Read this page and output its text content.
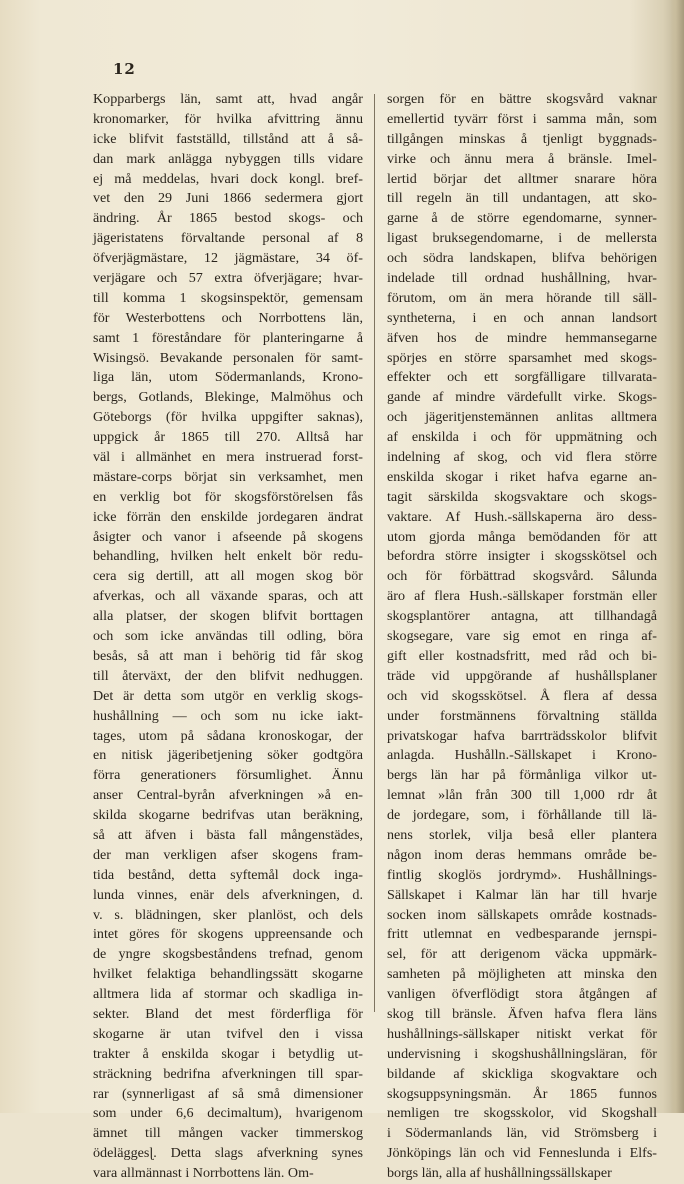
12
Kopparbergs län, samt att, hvad angår
kronomarker, för hvilka afvittring ännu
icke blifvit fastställd, tillstånd att å så-
dan mark anlägga nybyggen tills vidare
ej må meddelas, hvari dock kongl. bref-
vet den 29 Juni 1866 sedermera gjort
ändring. År 1865 bestod skogs- och
jägeristatens förvaltande personal af 8
öfverjägmästare, 12 jägmästare, 34 öf-
verjägare och 57 extra öfverjägare; hvar-
till komma 1 skogsinspektör, gemensam
för Westerbottens och Norrbottens län,
samt 1 föreståndare för planteringarne å
Wisingsö. Bevakande personalen för samt-
liga län, utom Södermanlands, Krono-
bergs, Gotlands, Blekinge, Malmöhus och
Göteborgs (för hvilka uppgifter saknas),
uppgick år 1865 till 270. Alltså har
väl i allmänhet en mera instruerad forst-
mästare-corps börjat sin verksamhet, men
en verklig bot för skogsförstörelsen fås
icke förrän den enskilde jordegaren ändrat
åsigter och vanor i afseende på skogens
behandling, hvilken helt enkelt bör redu-
cera sig dertill, att all mogen skog bör
afverkas, och all växande sparas, och att
alla platser, der skogen blifvit borttagen
och som icke användas till odling, böra
besås, så att man i behörig tid får skog
till återväxt, der den blifvit nedhuggen.
Det är detta som utgör en verklig skogs-
hushållning — och som nu icke iakt-
tages, utom på sådana kronoskogar, der
en nitisk jägeribetjening söker godtgöra
förra generationers försumlighet. Ännu
anser Central-byrån afverkningen »å en-
skilda skogarne bedrifvas utan beräkning,
så att äfven i bästa fall mångenstädes,
der man verkligen afser skogens fram-
tida bestånd, detta syftemål dock inga-
lunda vinnes, enär dels afverkningen, d.
v. s. blädningen, sker planlöst, och dels
intet göres för skogens uppreensande och
de yngre skogsbeståndens trefnad, genom
hvilket felaktiga behandlingssätt skogarne
alltmera lida af stormar och skadliga in-
sekter. Bland det mest förderfliga för
skogarne är utan tvifvel den i vissa
trakter å enskilda skogar i betydlig ut-
sträckning bedrifna afverkningen till spar-
rar (synnerligast af så små dimensioner
som under 6,6 decimaltum), hvarigenom
ämnet till mången vacker timmerskog
ödeläggesɭ. Detta slags afverkning synes
vara allmännast i Norrbottens län. Om-
sorgen för en bättre skogsvård vaknar
emellertid tyvärr först i samma mån, som
tillgången minskas å tjenligt byggnads-
virke och ännu mera å bränsle. Imel-
lertid börjar det alltmer snarare höra
till regeln än till undantagen, att sko-
garne å de större egendomarne, synner-
ligast bruksegendomarne, i de mellersta
och södra landskapen, blifva behörigen
indelade till ordnad hushållning, hvar-
förutom, om än mera hörande till säll-
syntheterna, i en och annan landsort
äfven hos de mindre hemmansegarne
spörjes en större sparsamhet med skogs-
effekter och ett sorgfälligare tillvarata-
gande af mindre värdefullt virke. Skogs-
och jägeritjenstemännen anlitas alltmera
af enskilda i och för uppmätning och
indelning af skog, och vid flera större
enskilda skogar i riket hafva egarne an-
tagit särskilda skogsvaktare och skogs-
vaktare. Af Hush.-sällskaperna äro dess-
utom gjorda många bemödanden för att
befordra större insigter i skogsskötsel och
och för förbättrad skogsvård. Sålunda
äro af flera Hush.-sällskaper forstmän eller
skogsplantörer antagna, att tillhandagå
skogsegare, vare sig emot en ringa af-
gift eller kostnadsfritt, med råd och bi-
träde vid uppgörande af hushållsplaner
och vid skogsskötsel. Å flera af dessa
under forstmännens förvaltning ställda
privatskogar hafva barrträdsskolor blifvit
anlagda. Hushålln.-Sällskapet i Krono-
bergs län har på förmånliga vilkor ut-
lemnat »lån från 300 till 1,000 rdr åt
de jordegare, som, i förhållande till lä-
nens storlek, vilja beså eller plantera
någon inom deras hemmans område be-
fintlig skoglös jordrymd». Hushållnings-
Sällskapet i Kalmar län har till hvarje
socken inom sällskapets område kostnads-
fritt utlemnat en vedbesparande jernspi-
sel, för att derigenom väcka uppmärk-
samheten på möjligheten att minska den
vanligen öfverflödigt stora åtgången af
skog till bränsle. Äfven hafva flera läns
hushållnings-sällskaper nitiskt verkat för
undervisning i skogshushållningsläran, för
bildande af skickliga skogvaktare och
skogsuppsyningsmän. År 1865 funnos
nemligen tre skogsskolor, vid Skogshall
i Södermanlands län, vid Strömsberg i
Jönköpings län och vid Fenneslunda i Elfs-
borgs län, alla af hushållningssällskaper
